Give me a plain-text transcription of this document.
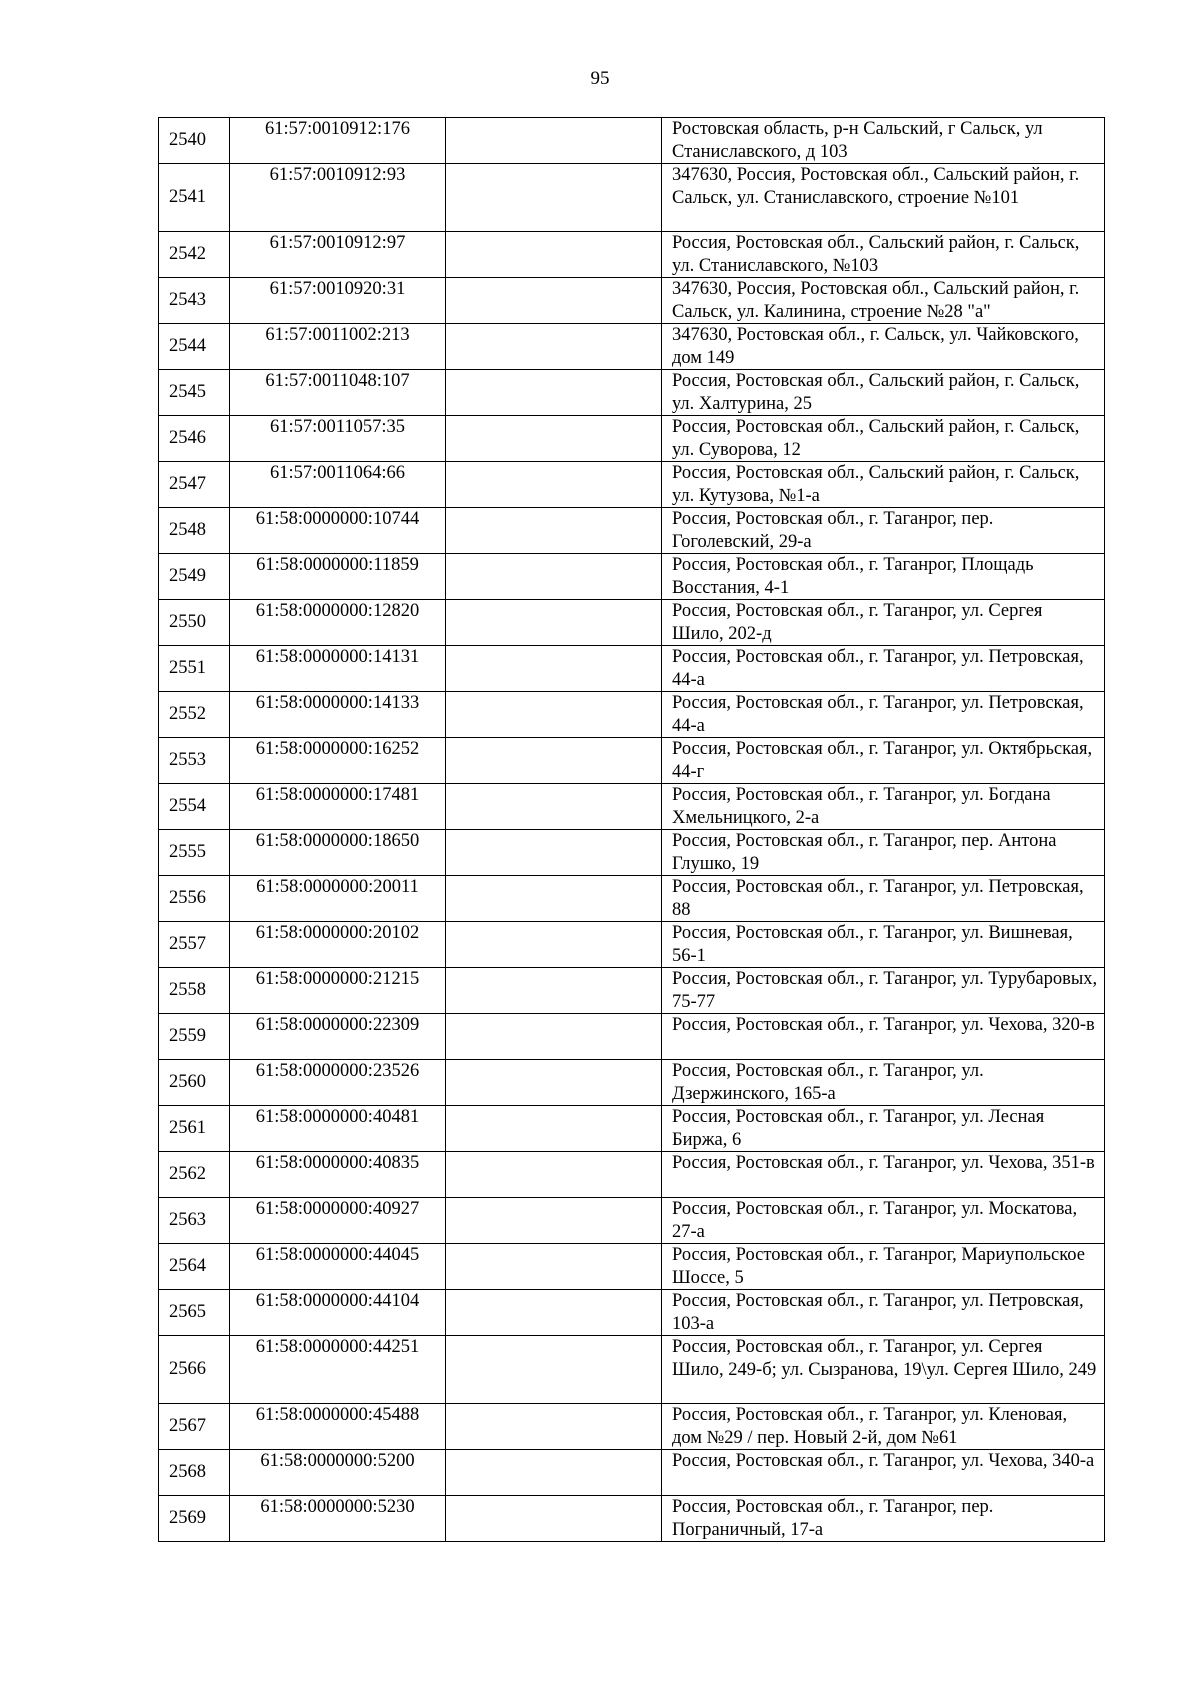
95
2540	61:57:0010912:176		Ростовская область, р-н Сальский, г Сальск, ул Станиславского, д 103
2541	61:57:0010912:93		347630, Россия, Ростовская обл., Сальский район, г. Сальск, ул. Станиславского, строение №101
2542	61:57:0010912:97		Россия, Ростовская обл., Сальский район, г. Сальск, ул. Станиславского, №103
2543	61:57:0010920:31		347630, Россия, Ростовская обл., Сальский район, г. Сальск, ул. Калинина, строение №28 "а"
2544	61:57:0011002:213		347630, Ростовская обл., г. Сальск, ул. Чайковского, дом 149
2545	61:57:0011048:107		Россия, Ростовская обл., Сальский район, г. Сальск, ул. Халтурина, 25
2546	61:57:0011057:35		Россия, Ростовская обл., Сальский район, г. Сальск, ул. Суворова, 12
2547	61:57:0011064:66		Россия, Ростовская обл., Сальский район, г. Сальск, ул. Кутузова, №1-а
2548	61:58:0000000:10744		Россия, Ростовская обл., г. Таганрог, пер. Гоголевский, 29-а
2549	61:58:0000000:11859		Россия, Ростовская обл., г. Таганрог, Площадь Восстания, 4-1
2550	61:58:0000000:12820		Россия, Ростовская обл., г. Таганрог, ул. Сергея Шило, 202-д
2551	61:58:0000000:14131		Россия, Ростовская обл., г. Таганрог, ул. Петровская, 44-а
2552	61:58:0000000:14133		Россия, Ростовская обл., г. Таганрог, ул. Петровская, 44-а
2553	61:58:0000000:16252		Россия, Ростовская обл., г. Таганрог, ул. Октябрьская, 44-г
2554	61:58:0000000:17481		Россия, Ростовская обл., г. Таганрог, ул. Богдана Хмельницкого, 2-а
2555	61:58:0000000:18650		Россия, Ростовская обл., г. Таганрог, пер. Антона Глушко, 19
2556	61:58:0000000:20011		Россия, Ростовская обл., г. Таганрог, ул. Петровская, 88
2557	61:58:0000000:20102		Россия, Ростовская обл., г. Таганрог, ул. Вишневая, 56-1
2558	61:58:0000000:21215		Россия, Ростовская обл., г. Таганрог, ул. Турубаровых, 75-77
2559	61:58:0000000:22309		Россия, Ростовская обл., г. Таганрог, ул. Чехова, 320-в
2560	61:58:0000000:23526		Россия, Ростовская обл., г. Таганрог, ул. Дзержинского, 165-а
2561	61:58:0000000:40481		Россия, Ростовская обл., г. Таганрог, ул. Лесная Биржа, 6
2562	61:58:0000000:40835		Россия, Ростовская обл., г. Таганрог, ул. Чехова, 351-в
2563	61:58:0000000:40927		Россия, Ростовская обл., г. Таганрог, ул. Москатова, 27-а
2564	61:58:0000000:44045		Россия, Ростовская обл., г. Таганрог, Мариупольское Шоссе, 5
2565	61:58:0000000:44104		Россия, Ростовская обл., г. Таганрог, ул. Петровская, 103-а
2566	61:58:0000000:44251		Россия, Ростовская обл., г. Таганрог, ул. Сергея Шило, 249-б; ул. Сызранова, 19\ул. Сергея Шило, 249
2567	61:58:0000000:45488		Россия, Ростовская обл., г. Таганрог, ул. Кленовая, дом №29 / пер. Новый 2-й, дом №61
2568	61:58:0000000:5200		Россия, Ростовская обл., г. Таганрог, ул. Чехова, 340-а
2569	61:58:0000000:5230		Россия, Ростовская обл., г. Таганрог, пер. Пограничный, 17-а
